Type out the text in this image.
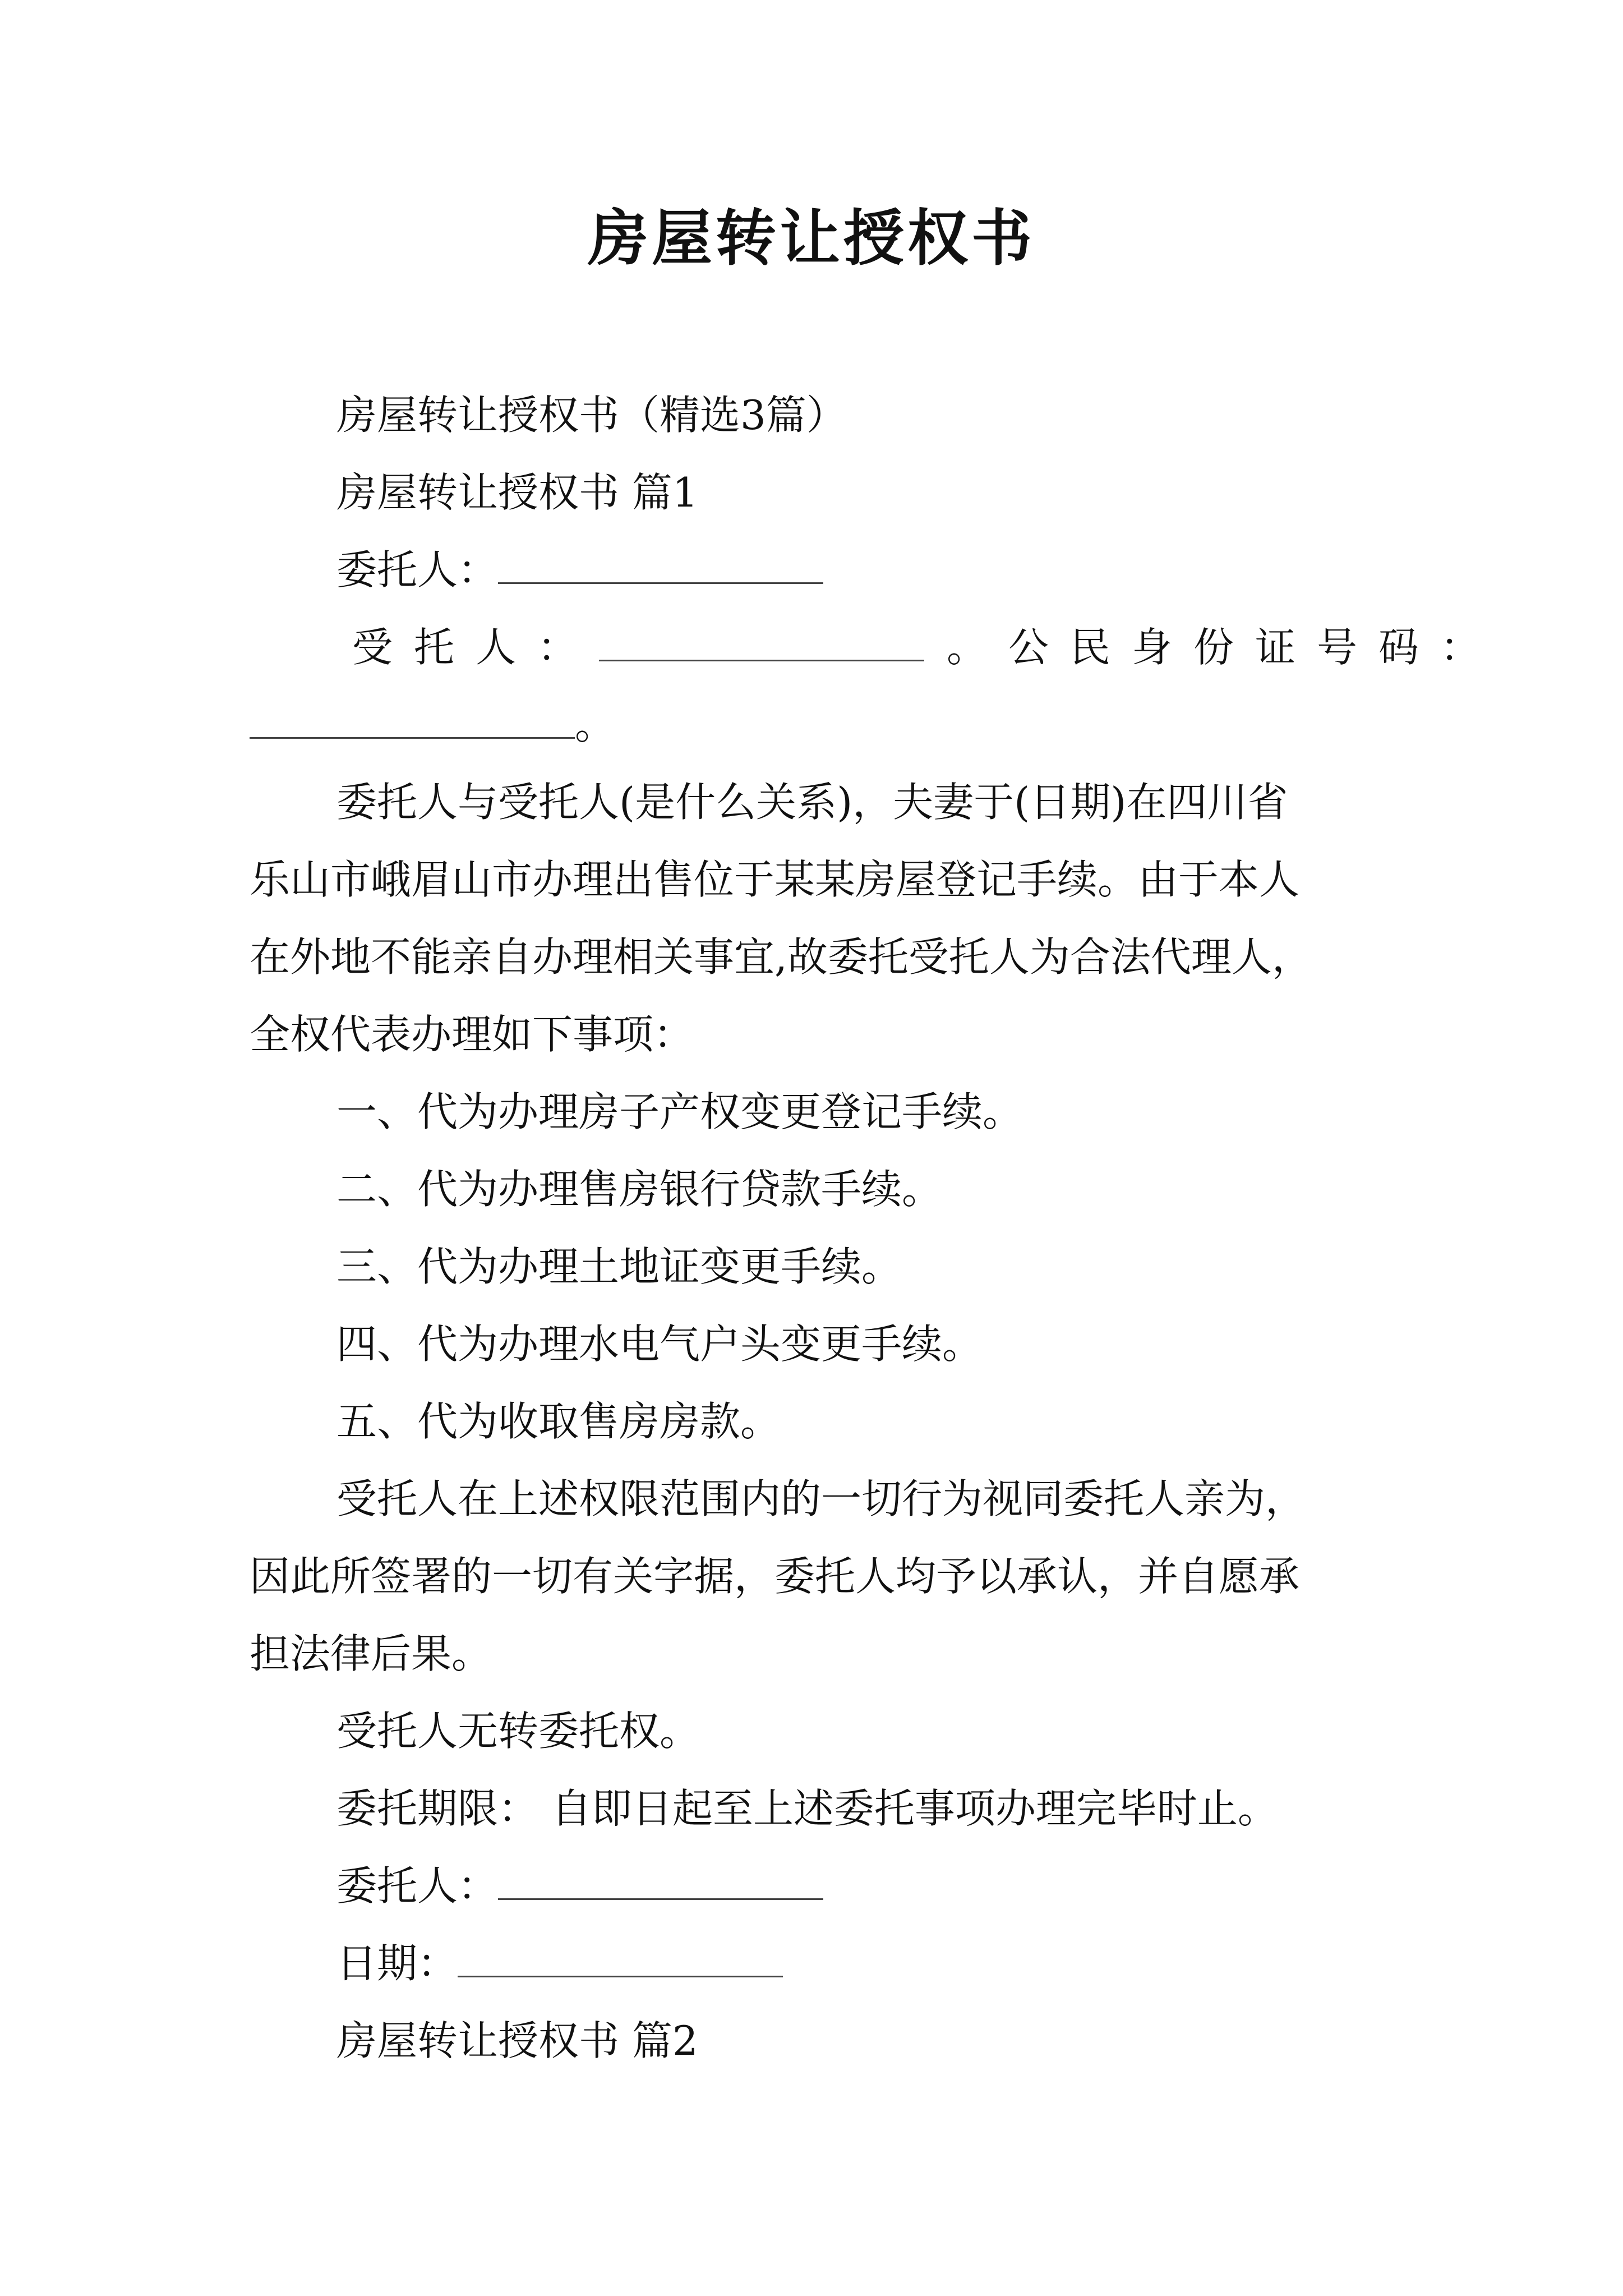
房屋转让授权书
房屋转让授权书（精选3篇）
房屋转让授权书 篇1
委托人：
受托人：	。公民身份证号码：
。
委托人与受托人(是什么关系)，夫妻于(日期)在四川省
乐山市峨眉山市办理出售位于某某房屋登记手续。由于本人
在外地不能亲自办理相关事宜,故委托受托人为合法代理人，
全权代表办理如下事项：
一、代为办理房子产权变更登记手续。
二、代为办理售房银行贷款手续。
三、代为办理土地证变更手续。
四、代为办理水电气户头变更手续。
五、代为收取售房房款。
受托人在上述权限范围内的一切行为视同委托人亲为，
因此所签署的一切有关字据，委托人均予以承认，并自愿承
担法律后果。
受托人无转委托权。
委托期限： 自即日起至上述委托事项办理完毕时止。
委托人：
日期：
房屋转让授权书 篇2
